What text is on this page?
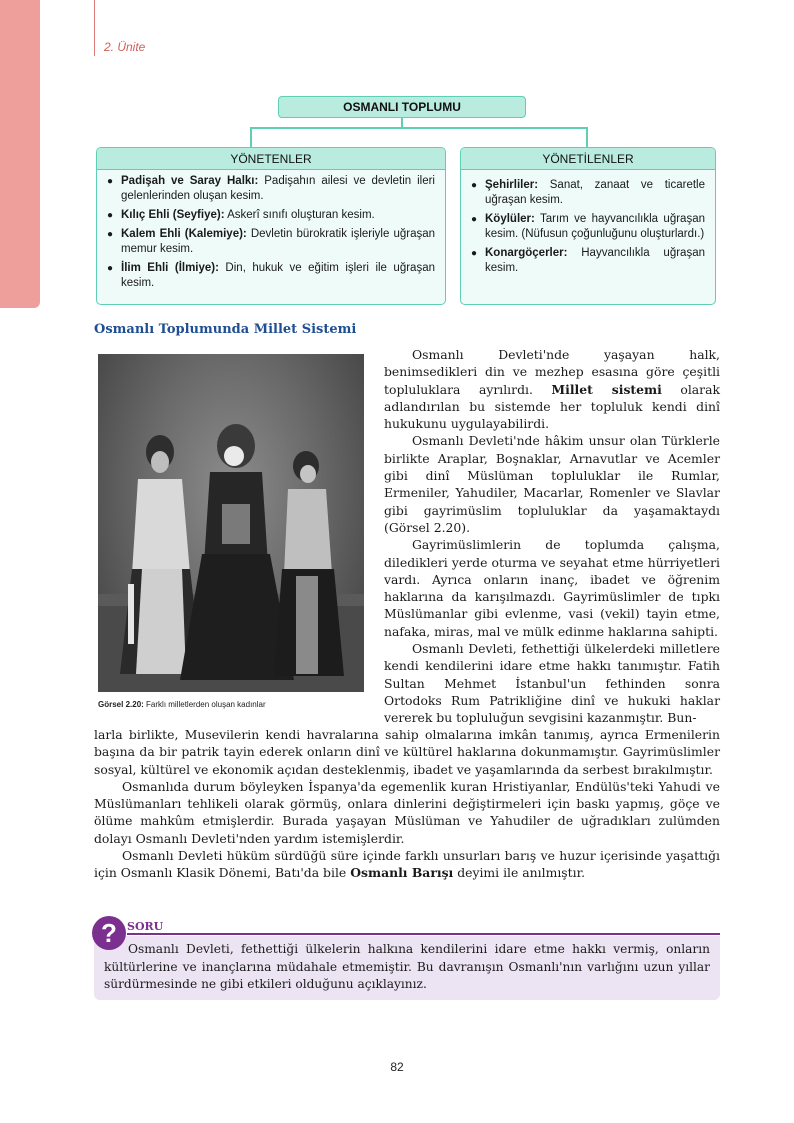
2. Ünite
OSMANLI TOPLUMU
YÖNETENLER
● Padişah ve Saray Halkı: Padişahın ailesi ve devletin ileri gelenlerinden oluşan kesim.
● Kılıç Ehli (Seyfiye): Askerî sınıfı oluşturan kesim.
● Kalem Ehli (Kalemiye): Devletin bürokratik işleriyle uğraşan memur kesim.
● İlim Ehli (İlmiye): Din, hukuk ve eğitim işleri ile uğraşan kesim.
YÖNETİLENLER
● Şehirliler: Sanat, zanaat ve ticaretle uğraşan kesim.
● Köylüler: Tarım ve hayvancılıkla uğraşan kesim. (Nüfusun çoğunluğunu oluşturlardı.)
● Konargöçerler: Hayvancılıkla uğraşan kesim.
Osmanlı Toplumunda Millet Sistemi
Görsel 2.20: Farklı milletlerden oluşan kadınlar

Osmanlı Devleti'nde yaşayan halk, benimsedikleri din ve mezhep esasına göre çeşitli topluluklara ayrılırdı. Millet sistemi olarak adlandırılan bu sistemde her topluluk kendi dinî hukukunu uygulayabilirdi.

Osmanlı Devleti'nde hâkim unsur olan Türklerle birlikte Araplar, Boşnaklar, Arnavutlar ve Acemler gibi dinî Müslüman topluluklar ile Rumlar, Ermeniler, Yahudiler, Macarlar, Romenler ve Slavlar gibi gayrimüslim topluluklar da yaşamaktaydı (Görsel 2.20).

Gayrimüslimlerin de toplumda çalışma, diledikleri yerde oturma ve seyahat etme hürriyetleri vardı. Ayrıca onların inanç, ibadet ve öğrenim haklarına da karışılmazdı. Gayrimüslimler de tıpkı Müslümanlar gibi evlenme, vasi (vekil) tayin etme, nafaka, miras, mal ve mülk edinme haklarına sahipti.

Osmanlı Devleti, fethettiği ülkelerdeki milletlere kendi kendilerini idare etme hakkı tanımıştır. Fatih Sultan Mehmet İstanbul'un fethinden sonra Ortodoks Rum Patrikliğine dinî ve hukuki haklar vererek bu topluluğun sevgisini kazanmıştır. Bun-

larla birlikte, Musevilerin kendi havralarına sahip olmalarına imkân tanımış, ayrıca Ermenilerin başına da bir patrik tayin ederek onların dinî ve kültürel haklarına dokunmamıştır. Gayrimüslimler sosyal, kültürel ve ekonomik açıdan desteklenmiş, ibadet ve yaşamlarında da serbest bırakılmıştır.

Osmanlıda durum böyleyken İspanya'da egemenlik kuran Hristiyanlar, Endülüs'teki Yahudi ve Müslümanları tehlikeli olarak görmüş, onlara dinlerini değiştirmeleri için baskı yapmış, göçe ve ölüme mahkûm etmişlerdir. Burada yaşayan Müslüman ve Yahudiler de uğradıkları zulümden dolayı Osmanlı Devleti'nden yardım istemişlerdir.

Osmanlı Devleti hüküm sürdüğü süre içinde farklı unsurları barış ve huzur içerisinde yaşattığı için Osmanlı Klasik Dönemi, Batı'da bile Osmanlı Barışı deyimi ile anılmıştır.

Osmanlı Devleti, fethettiği ülkelerin halkına kendilerini idare etme hakkı vermiş, onların kültürlerine ve inançlarına müdahale etmemiştir. Bu davranışın Osmanlı'nın varlığını uzun yıllar sürdürmesinde ne gibi etkileri olduğunu açıklayınız.

? SORU
82
